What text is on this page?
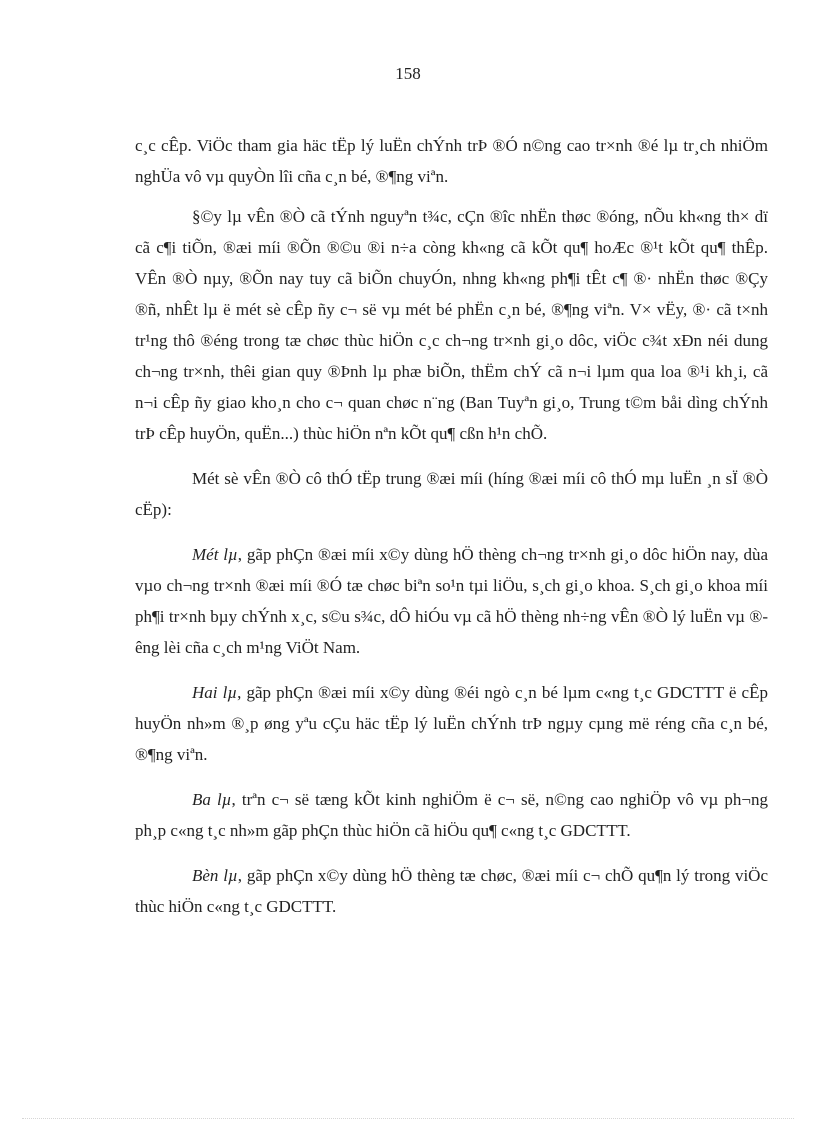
158

c¸c cÊp. ViÖc tham gia häc tËp lý luËn chÝnh trÞ ®Ó n©ng cao tr×nh ®é lµ tr¸ch nhiÖm nghÜa vô vµ quyÒn lîi cña c¸n bé, ®¶ng viªn.

§©y lµ vÊn ®Ò cã tÝnh nguyªn t¾c, cÇn ®îc nhËn thøc ®óng, nÕu kh«ng th× dï cã c¶i tiÕn, ®æi míi ®Õn ®©u ®i n÷a còng kh«ng cã kÕt qu¶ hoÆc ®¹t kÕt qu¶ thÊp. VÊn ®Ò nµy, ®Õn nay tuy cã biÕn chuyÓn, nhng kh«ng ph¶i tÊt c¶ ®· nhËn thøc ®Çy ®ñ, nhÊt lµ ë mét sè cÊp ñy c¬ së vµ mét bé phËn c¸n bé, ®¶ng viªn. V× vËy, ®· cã t×nh tr¹ng thô ®éng trong tæ chøc thùc hiÖn c¸c ch¬ng tr×nh gi¸o dôc, viÖc c¾t xÐn néi dung ch¬ng tr×nh, thêi gian quy ®Þnh lµ phæ biÕn, thËm chÝ cã n¬i lµm qua loa ®¹i kh¸i, cã n¬i cÊp ñy giao kho¸n cho c¬ quan chøc n¨ng (Ban Tuyªn gi¸o, Trung t©m båi dìng chÝnh trÞ cÊp huyÖn, quËn...) thùc hiÖn nªn kÕt qu¶ cßn h¹n chÕ.

Mét sè vÊn ®Ò cô thÓ tËp trung ®æi míi (híng ®æi míi cô thÓ mµ luËn ¸n sÏ ®Ò cËp):

Mét lµ, gãp phÇn ®æi míi x©y dùng hÖ thèng ch¬ng tr×nh gi¸o dôc hiÖn nay, dùa vµo ch¬ng tr×nh ®æi míi ®Ó tæ chøc biªn so¹n tµi liÖu, s¸ch gi¸o khoa. S¸ch gi¸o khoa míi ph¶i tr×nh bµy chÝnh x¸c, s©u s¾c, dÔ hiÓu vµ cã hÖ thèng nh÷ng vÊn ®Ò lý luËn vµ ®êng lèi cña c¸ch m¹ng ViÖt Nam.

Hai lµ, gãp phÇn ®æi míi x©y dùng ®éi ngò c¸n bé lµm c«ng t¸c GDCTTT ë cÊp huyÖn nh»m ®¸p øng yªu cÇu häc tËp lý luËn chÝnh trÞ ngµy cµng më réng cña c¸n bé, ®¶ng viªn.

Ba lµ, trªn c¬ së tæng kÕt kinh nghiÖm ë c¬ së, n©ng cao nghiÖp vô vµ ph¬ng ph¸p c«ng t¸c nh»m gãp phÇn thùc hiÖn cã hiÖu qu¶ c«ng t¸c GDCTTT.

Bèn lµ, gãp phÇn x©y dùng hÖ thèng tæ chøc, ®æi míi c¬ chÕ qu¶n lý trong viÖc thùc hiÖn c«ng t¸c GDCTTT.
